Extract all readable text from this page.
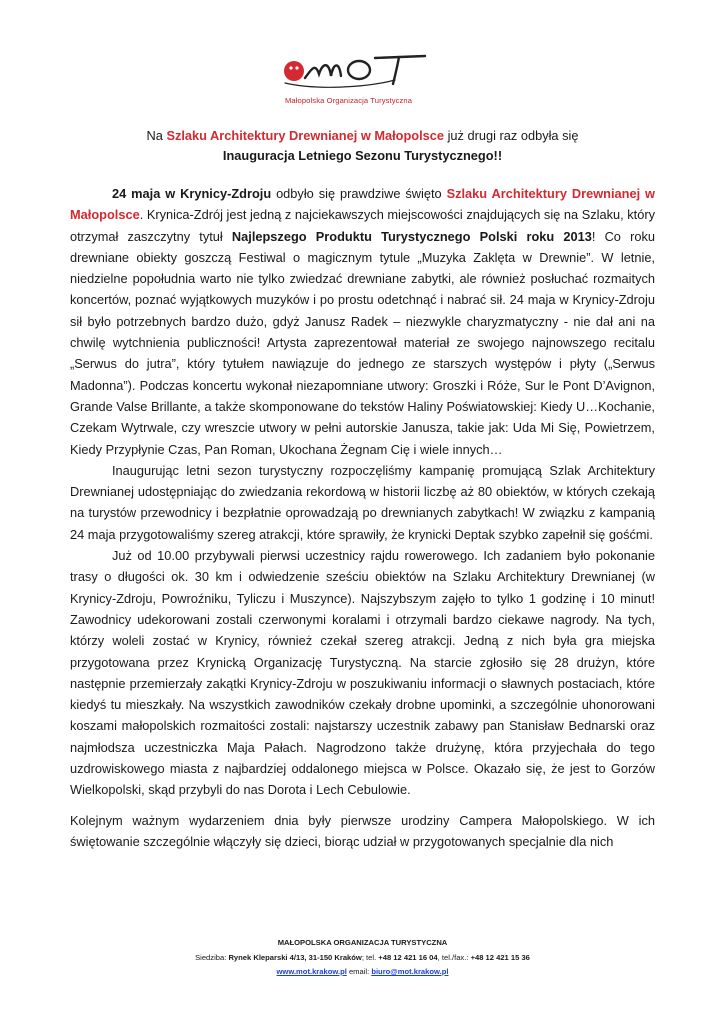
Małopolska Organizacja Turystyczna
Na Szlaku Architektury Drewnianej w Małopolsce już drugi raz odbyła się
Inauguracja Letniego Sezonu Turystycznego!!

24 maja w Krynicy-Zdroju odbyło się prawdziwe święto Szlaku Architektury Drewnianej w Małopolsce. Krynica-Zdrój jest jedną z najciekawszych miejscowości znajdujących się na Szlaku, który otrzymał zaszczytny tytuł Najlepszego Produktu Turystycznego Polski roku 2013! Co roku drewniane obiekty goszczą Festiwal o magicznym tytule „Muzyka Zaklęta w Drewnie”. W letnie, niedzielne popołudnia warto nie tylko zwiedzać drewniane zabytki, ale również posłuchać rozmaitych koncertów, poznać wyjątkowych muzyków i po prostu odetchnąć i nabrać sił. 24 maja w Krynicy-Zdroju sił było potrzebnych bardzo dużo, gdyż Janusz Radek – niezwykle charyzmatyczny - nie dał ani na chwilę wytchnienia publiczności! Artysta zaprezentował materiał ze swojego najnowszego recitalu „Serwus do jutra”, który tytułem nawiązuje do jednego ze starszych występów i płyty („Serwus Madonna”). Podczas koncertu wykonał niezapomniane utwory: Groszki i Róże, Sur le Pont D’Avignon, Grande Valse Brillante, a także skomponowane do tekstów Haliny Poświatowskiej: Kiedy U…Kochanie, Czekam Wytrwale, czy wreszcie utwory w pełni autorskie Janusza, takie jak: Uda Mi Się, Powietrzem, Kiedy Przypłynie Czas, Pan Roman, Ukochana Żegnam Cię i wiele innych…

Inaugurując letni sezon turystyczny rozpoczęliśmy kampanię promującą Szlak Architektury Drewnianej udostępniając do zwiedzania rekordową w historii liczbę aż 80 obiektów, w których czekają na turystów przewodnicy i bezpłatnie oprowadzają po drewnianych zabytkach! W związku z kampanią 24 maja przygotowaliśmy szereg atrakcji, które sprawiły, że krynicki Deptak szybko zapełnił się gośćmi.

Już od 10.00 przybywali pierwsi uczestnicy rajdu rowerowego. Ich zadaniem było pokonanie trasy o długości ok. 30 km i odwiedzenie sześciu obiektów na Szlaku Architektury Drewnianej (w Krynicy-Zdroju, Powroźniku, Tyliczu i Muszynce). Najszybszym zajęło to tylko 1 godzinę i 10 minut! Zawodnicy udekorowani zostali czerwonymi koralami i otrzymali bardzo ciekawe nagrody. Na tych, którzy woleli zostać w Krynicy, również czekał szereg atrakcji. Jedną z nich była gra miejska przygotowana przez Krynicką Organizację Turystyczną. Na starcie zgłosiło się 28 drużyn, które następnie przemierzały zakątki Krynicy-Zdroju w poszukiwaniu informacji o sławnych postaciach, które kiedyś tu mieszkały. Na wszystkich zawodników czekały drobne upominki, a szczególnie uhonorowani koszami małopolskich rozmaitości zostali: najstarszy uczestnik zabawy pan Stanisław Bednarski oraz najmłodsza uczestniczka Maja Pałach. Nagrodzono także drużynę, która przyjechała do tego uzdrowiskowego miasta z najbardziej oddalonego miejsca w Polsce. Okazało się, że jest to Gorzów Wielkopolski, skąd przybyli do nas Dorota i Lech Cebulowie.

Kolejnym ważnym wydarzeniem dnia były pierwsze urodziny Campera Małopolskiego. W ich świętowanie szczególnie włączyły się dzieci, biorąc udział w przygotowanych specjalnie dla nich

MAŁOPOLSKA ORGANIZACJA TURYSTYCZNA
Siedziba: Rynek Kleparski 4/13, 31-150 Kraków; tel. +48 12 421 16 04, tel./fax.: +48 12 421 15 36
www.mot.krakow.pl email: biuro@mot.krakow.pl
